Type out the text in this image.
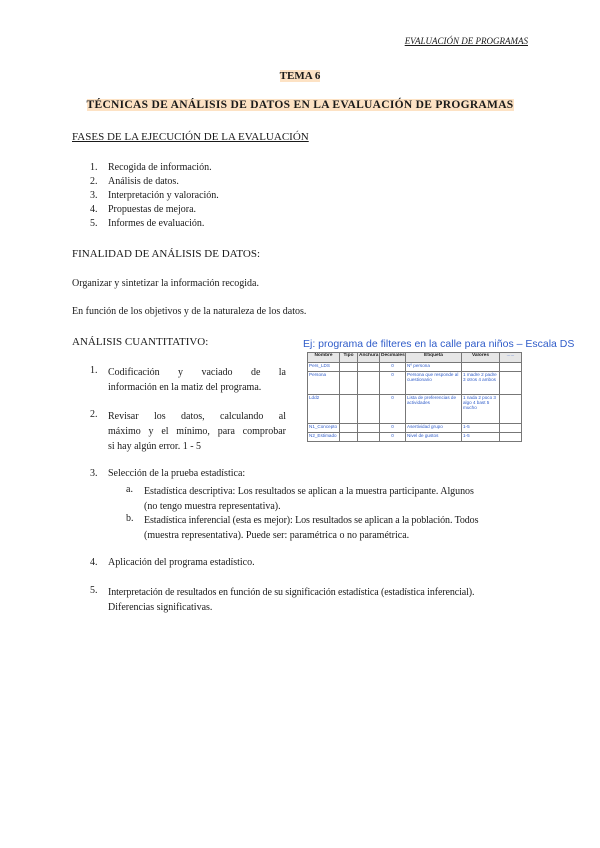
EVALUACIÓN DE PROGRAMAS
TEMA 6
TÉCNICAS DE ANÁLISIS DE DATOS EN LA EVALUACIÓN DE PROGRAMAS
FASES DE LA EJECUCIÓN DE LA EVALUACIÓN
1. Recogida de información.
2. Análisis de datos.
3. Interpretación y valoración.
4. Propuestas de mejora.
5. Informes de evaluación.
FINALIDAD DE ANÁLISIS DE DATOS:
Organizar y sintetizar la información recogida.
En función de los objetivos y de la naturaleza de los datos.
ANÁLISIS CUANTITATIVO:
1.	Codificación y vaciado de la
información en la matiz del programa.
2.	Revisar los datos, calculando al
máximo y el mínimo, para comprobar
si hay algún error. 1 - 5
Ej: programa de filteres en la calle para niños – Escala DS
Nombre	Tipo	Anchura	Decimales	Etiqueta	Valores	......
Pers_LDS			0	Nº persona		
Persona			0	Persona que responde al cuestionario	1 madre 2 padre 3 otros 4 ambos	
Ldd2			0	Lista de preferencias de actividades	1 nada 2 poco 3 algo 4 bast 5 mucho	
N1_Concepto			0	Asertividad grupo	1-5	
N2_Estimado			0	Nivel de gustos	1-5	
3. Selección de la prueba estadística:
a. Estadística descriptiva: Los resultados se aplican a la muestra participante. Algunos
(no tengo muestra representativa).
b. Estadística inferencial (esta es mejor): Los resultados se aplican a la población. Todos
(muestra representativa). Puede ser: paramétrica o no paramétrica.
4. Aplicación del programa estadístico.
5.	Interpretación de resultados en función de su significación estadística (estadística inferencial).
Diferencias significativas.
